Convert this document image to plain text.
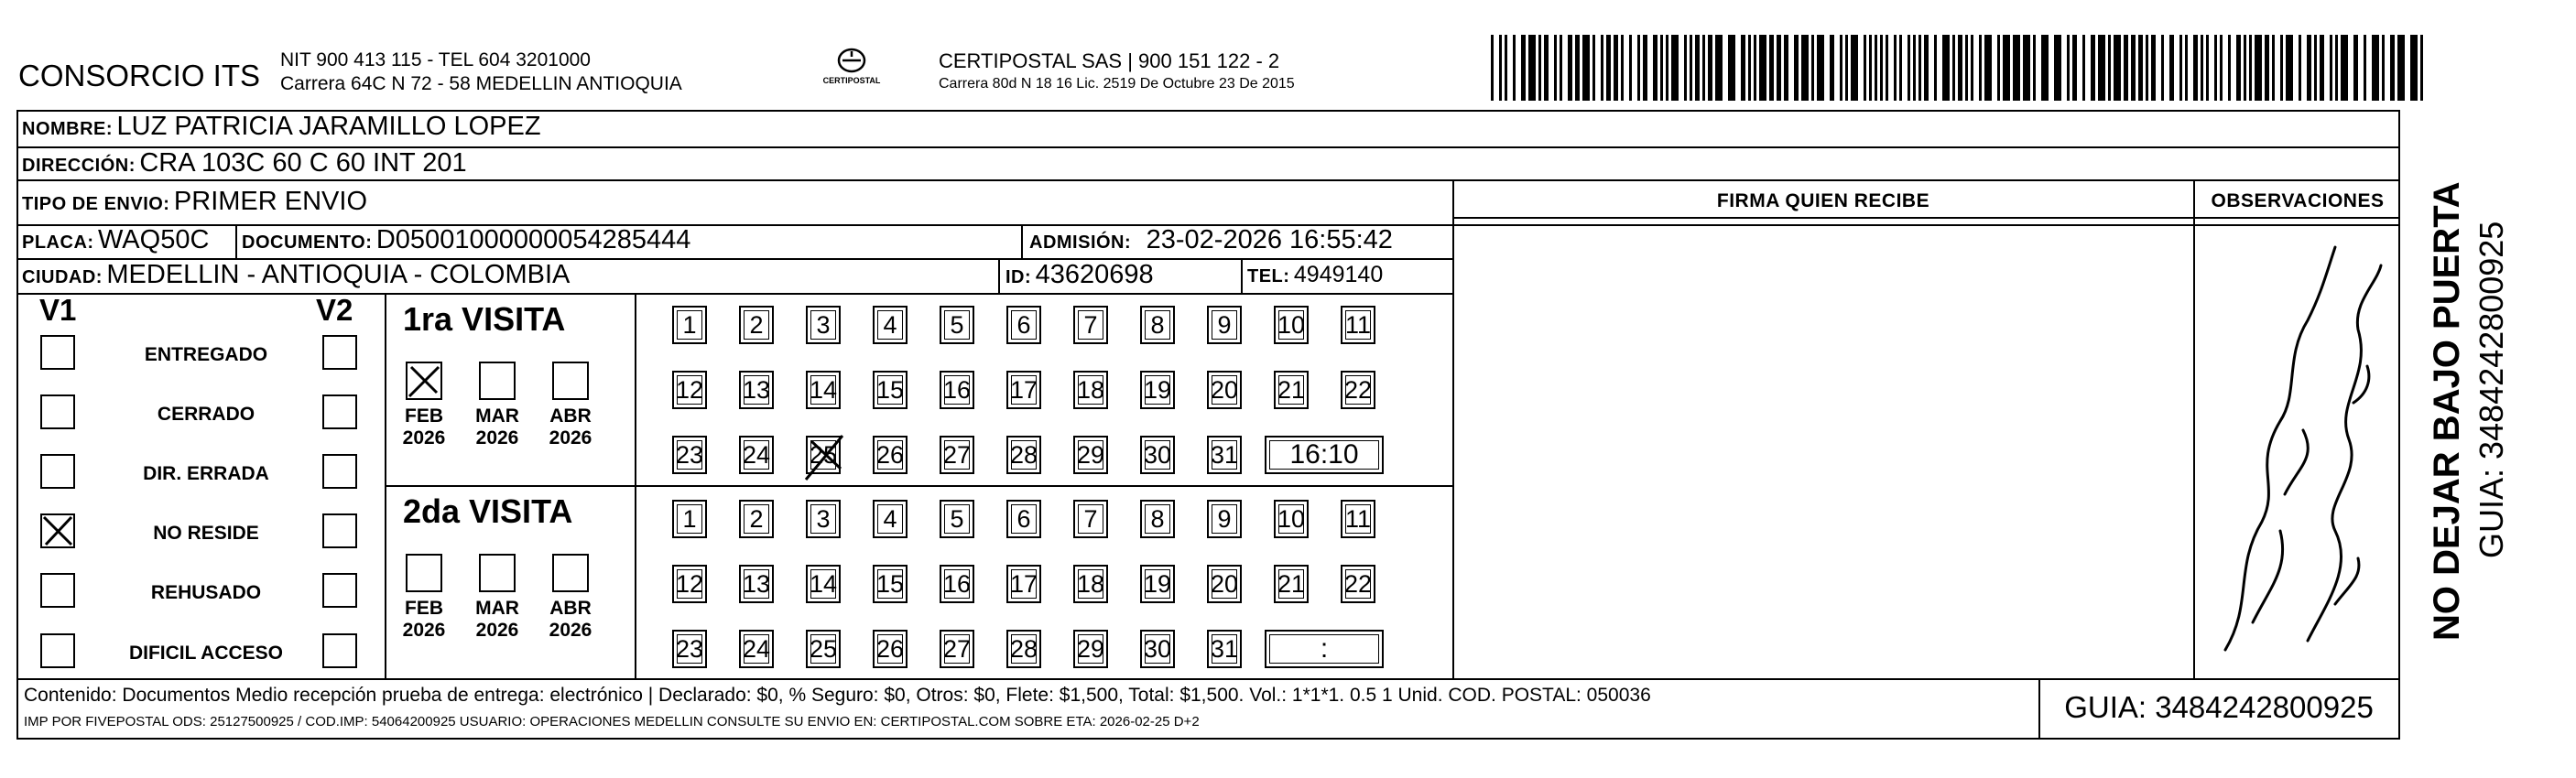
CONSORCIO ITS NIT 900 413 115 - TEL 604 3201000
Carrera 64C N 72 - 58 MEDELLIN ANTIOQUIA	CERTIPOSTAL
CERTIPOSTAL SAS | 900 151 122 - 2
Carrera 80d N 18 16 Lic. 2519 De Octubre 23 De 2015
NOMBRE: LUZ PATRICIA JARAMILLO LOPEZ
DIRECCIÓN: CRA 103C 60 C 60 INT 201
TIPO DE ENVIO: PRIMER ENVIO
PLACA: WAQ50C DOCUMENTO: D05001000000054285444	ADMISIÓN: 23-02-2026 16:55:42
CIUDAD: MEDELLIN - ANTIOQUIA - COLOMBIA	ID: 43620698	TEL: 4949140
FIRMA QUIEN RECIBE	OBSERVACIONES	NO DEJAR BAJO PUERTA GUIA: 3484242800925
V1	V2
ENTREGADO
CERRADO
DIR. ERRADA
NO RESIDE
REHUSADO
DIFICIL ACCESO
1ra VISITA
2da VISITA
FEB
2026
MAR
2026
ABR
2026
FEB
2026
MAR
2026
ABR
2026
1	2	3	4	5	6	7	8	9	10 11
12 13 14 15 16 17 18 19 20 21 22
23 24 25 26 27 28 29 30 31	16:10
1	2	3	4	5	6	7	8	9	10 11
12 13 14 15 16 17 18 19 20 21 22
23 24 25 26 27 28 29 30 31	:
Contenido: Documentos Medio recepción prueba de entrega: electrónico | Declarado: $0, % Seguro: $0, Otros: $0, Flete: $1,500, Total: $1,500. Vol.: 1*1*1. 0.5 1 Unid. COD. POSTAL: 050036
IMP POR FIVEPOSTAL ODS: 25127500925 / COD.IMP: 54064200925 USUARIO: OPERACIONES MEDELLIN CONSULTE SU ENVIO EN: CERTIPOSTAL.COM SOBRE ETA: 2026-02-25 D+2	GUIA: 3484242800925
